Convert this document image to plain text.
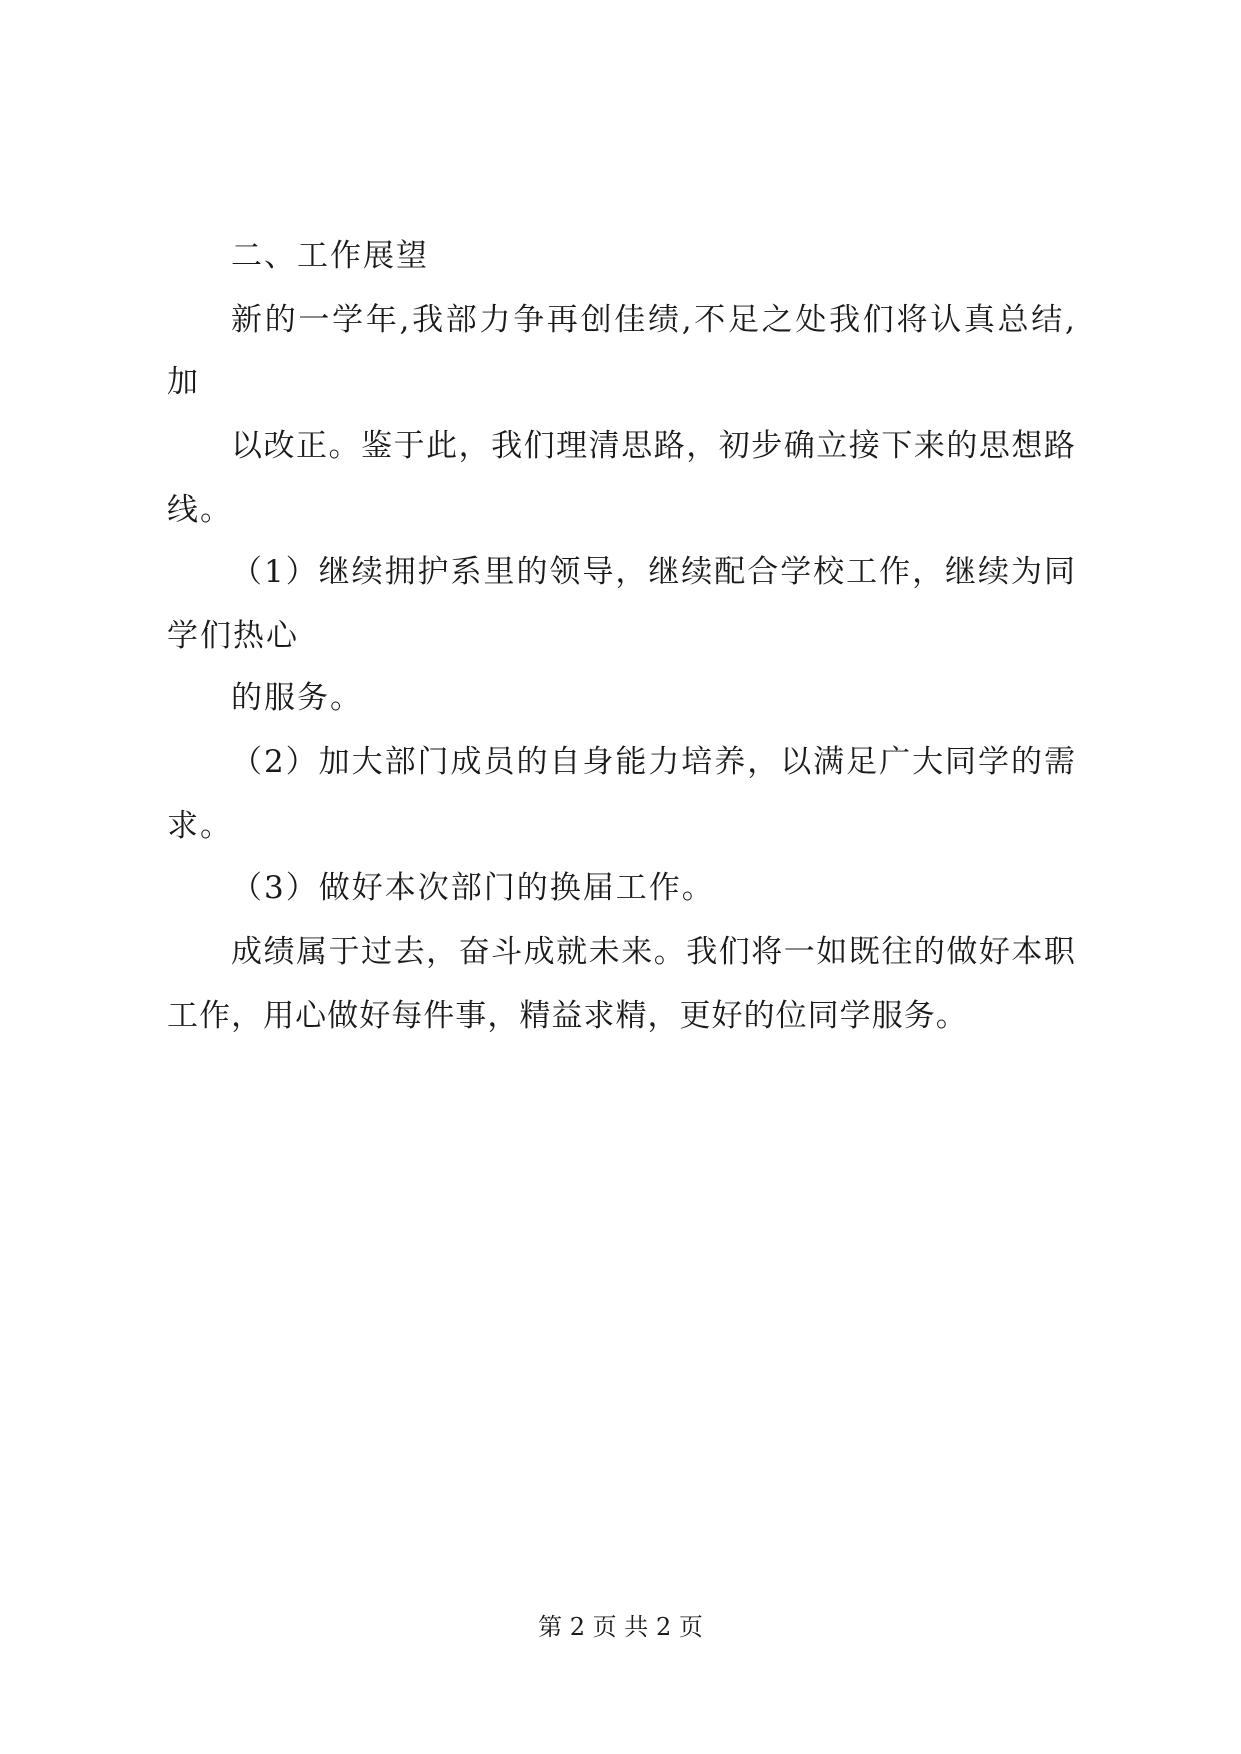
二、工作展望
新 的 一 学 年 , 我 部 力 争 再 创 佳 绩 , 不 足 之 处 我 们 将 认 真 总 结 ,
加
以 改 正 。 鉴 于 此 ， 我 们 理 清 思 路 ， 初 步 确 立 接 下 来 的 思 想 路
线。
（ 1 ） 继 续 拥 护 系 里 的 领 导 ， 继 续 配 合 学 校 工 作 ， 继 续 为 同
学们热心
的服务。
（ 2 ） 加 大 部 门 成 员 的 自 身 能 力 培 养 ， 以 满 足 广 大 同 学 的 需
求。
（3）做好本次部门的换届工作。
成 绩 属 于 过 去 ， 奋 斗 成 就 未 来 。 我 们 将 一 如 既 往 的 做 好 本 职
工 作 ， 用 心 做 好 每 件 事 ， 精 益 求 精 ， 更 好 的 位 同 学 服 务 。
第 2 页 共 2 页
